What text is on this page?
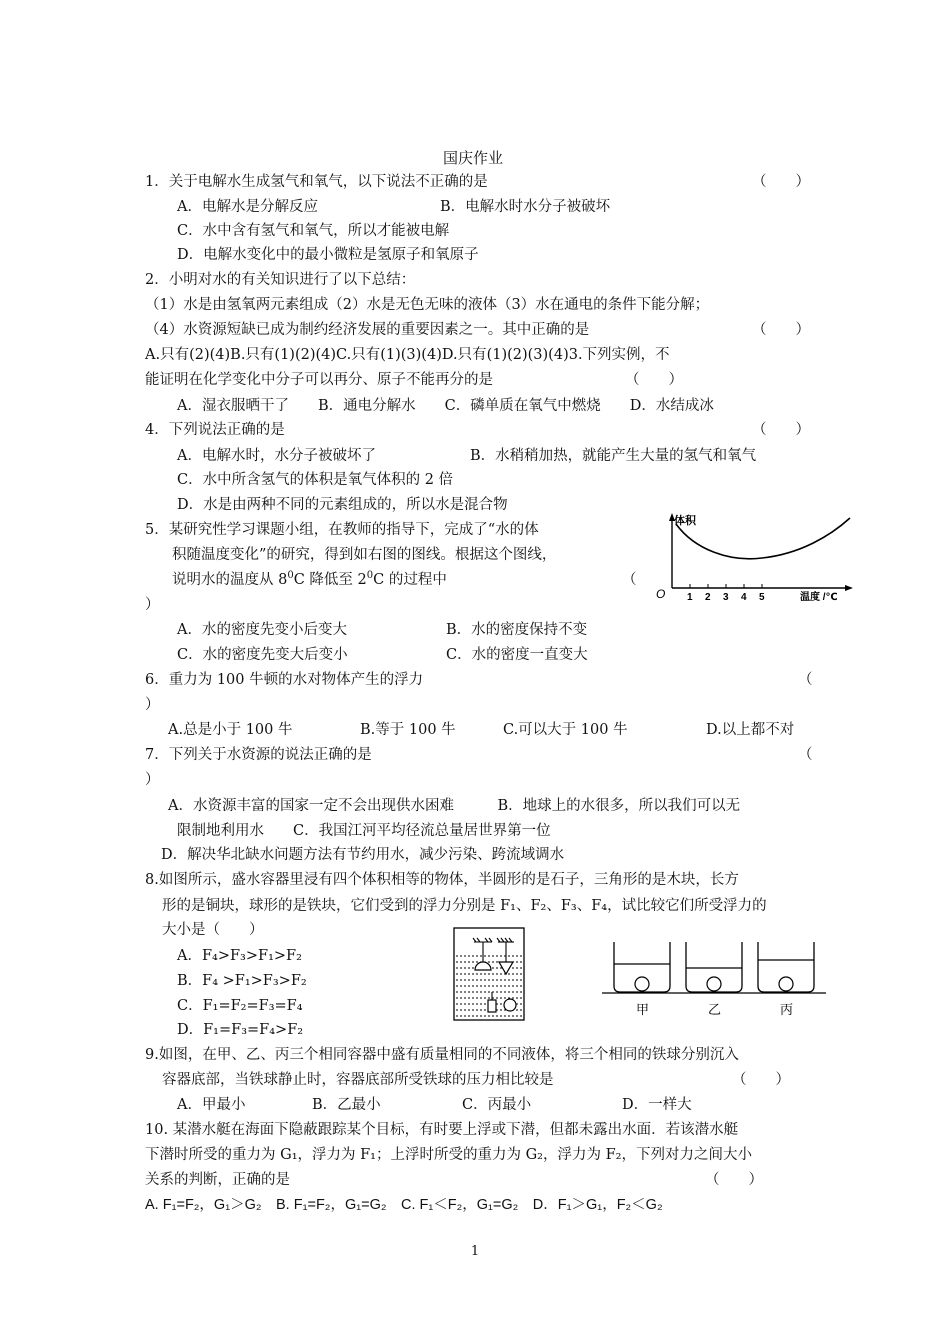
国庆作业
1．关于电解水生成氢气和氧气，以下说法不正确的是	（　　）
A．电解水是分解反应	B．电解水时水分子被破坏
C．水中含有氢气和氧气，所以才能被电解
D．电解水变化中的最小微粒是氢原子和氧原子
2．小明对水的有关知识进行了以下总结：
（1）水是由氢氧两元素组成（2）水是无色无味的液体（3）水在通电的条件下能分解；
（4）水资源短缺已成为制约经济发展的重要因素之一。其中正确的是	（　　）
A.只有(2)(4)B.只有(1)(2)(4)C.只有(1)(3)(4)D.只有(1)(2)(3)(4)3.下列实例，不
能证明在化学变化中分子可以再分、原子不能再分的是	（　　）
A．湿衣服晒干了　　B．通电分解水　　C．磷单质在氧气中燃烧　　D．水结成冰
4．下列说法正确的是	（　　）
A．电解水时，水分子被破坏了	B．水稍稍加热，就能产生大量的氢气和氧气
C．水中所含氢气的体积是氧气体积的 2 倍
D．水是由两种不同的元素组成的，所以水是混合物
5．某研究性学习课题小组，在教师的指导下，完成了“水的体
积随温度变化”的研究，得到如右图的图线。根据这个图线，
说明水的温度从 $8^0C$ 降低至 $2^0C$ 的过程中	（
）
A．水的密度先变小后变大	B．水的密度保持不变
C．水的密度先变大后变小	C．水的密度一直变大
体积
O 1 2 3 4 5	温度 /℃
6．重力为 100 牛顿的水对物体产生的浮力	（
）
A.总是小于 100 牛	B.等于 100 牛	C.可以大于 100 牛	D.以上都不对
7．下列关于水资源的说法正确的是	（
）
A．水资源丰富的国家一定不会出现供水困难　　　B．地球上的水很多，所以我们可以无
限制地利用水　　C．我国江河平均径流总量居世界第一位
D．解决华北缺水问题方法有节约用水，减少污染、跨流域调水
8.如图所示，盛水容器里浸有四个体积相等的物体，半圆形的是石子，三角形的是木块，长方
形的是铜块，球形的是铁块，它们受到的浮力分别是 F₁、F₂、F₃、F₄，试比较它们所受浮力的
大小是（　　）
A．F₄>F₃>F₁>F₂
B．F₄ >F₁>F₃>F₂
C．F₁=F₂=F₃=F₄
D．F₁=F₃=F₄>F₂
甲	乙	丙
9.如图，在甲、乙、丙三个相同容器中盛有质量相同的不同液体，将三个相同的铁球分别沉入
容器底部，当铁球静止时，容器底部所受铁球的压力相比较是	（　　）
A．甲最小	B．乙最小	C．丙最小	D．一样大
10. 某潜水艇在海面下隐蔽跟踪某个目标，有时要上浮或下潜，但都未露出水面．若该潜水艇
下潜时所受的重力为 G₁，浮力为 F₁；上浮时所受的重力为 G₂，浮力为 F₂，下列对力之间大小
关系的判断，正确的是	（　　）
A. F₁=F₂，G₁＞G₂　B. F₁=F₂，G₁=G₂　C. F₁＜F₂，G₁=G₂　D．F₁＞G₁，F₂＜G₂
1
